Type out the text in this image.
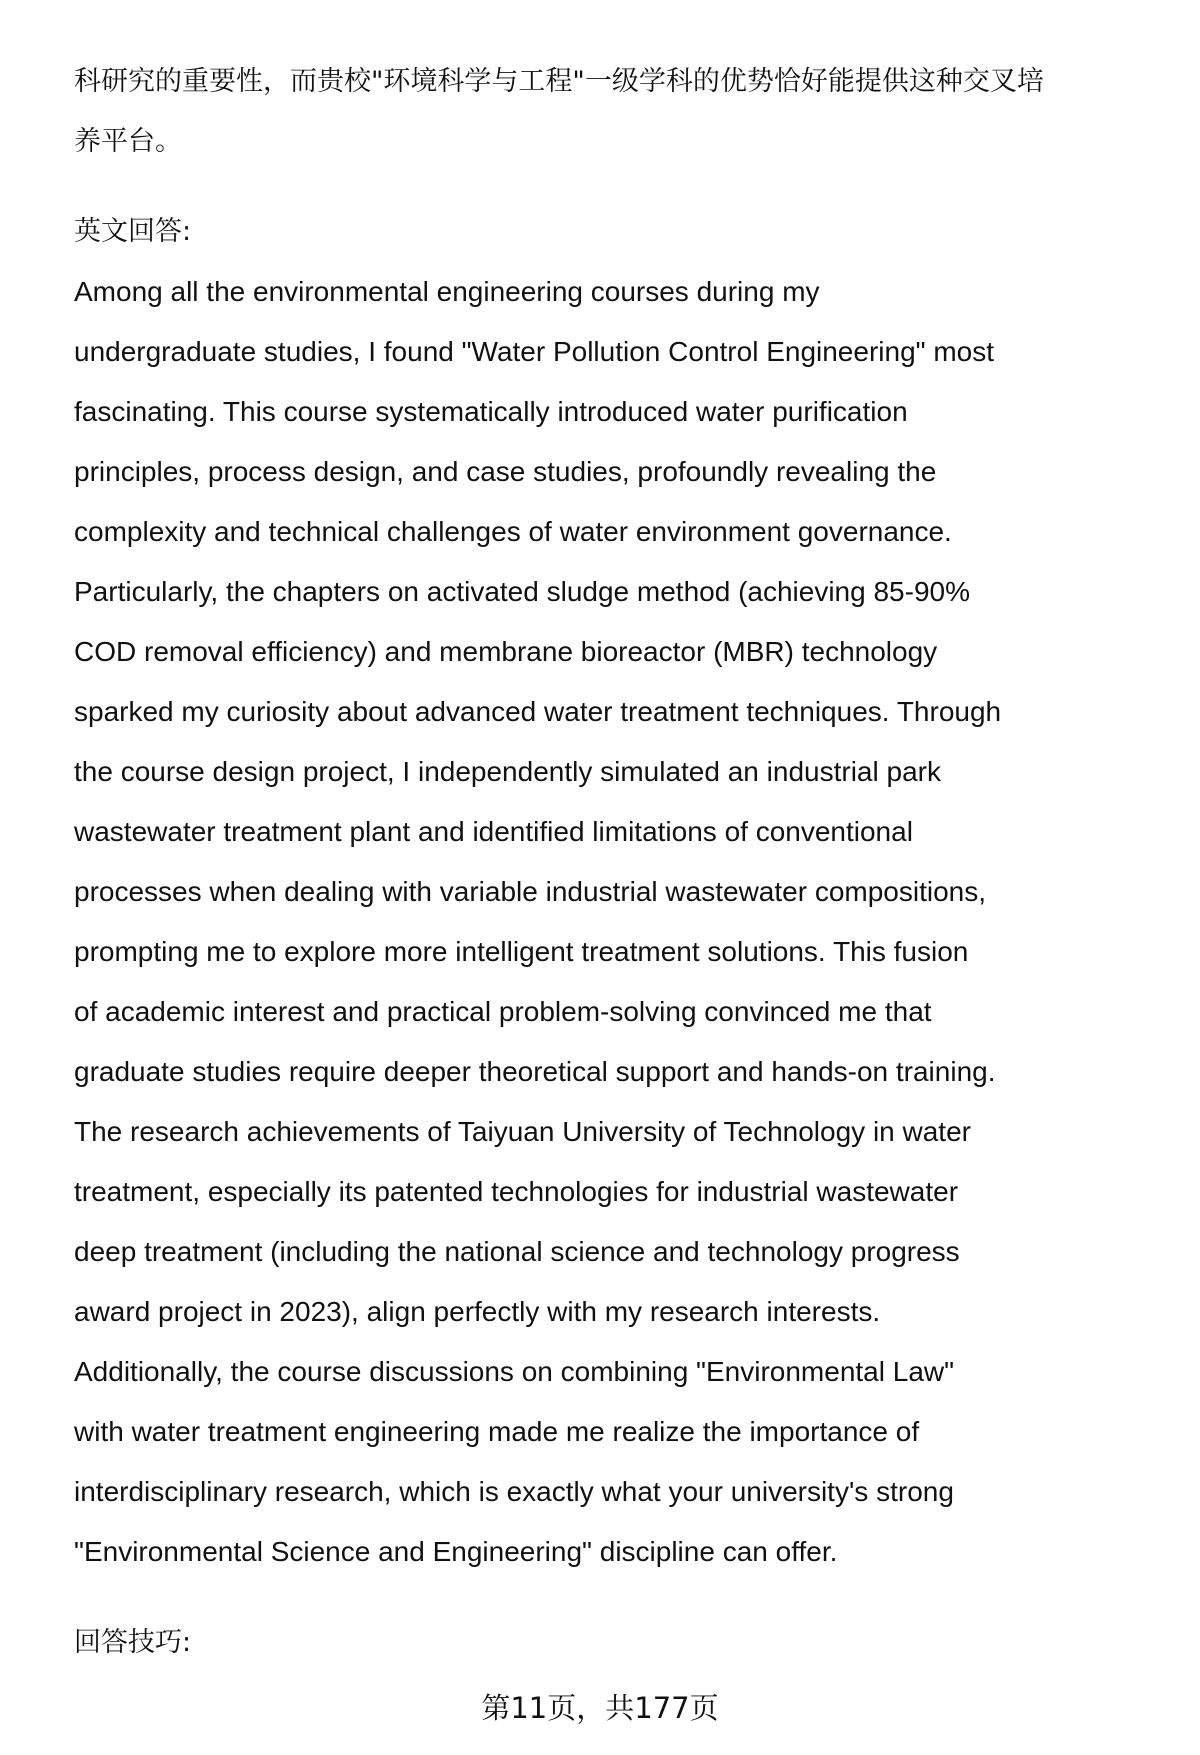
科研究的重要性，而贵校"环境科学与工程"一级学科的优势恰好能提供这种交叉培
养平台。
英文回答:
Among all the environmental engineering courses during my
undergraduate studies, I found "Water Pollution Control Engineering" most
fascinating. This course systematically introduced water purification
principles, process design, and case studies, profoundly revealing the
complexity and technical challenges of water environment governance.
Particularly, the chapters on activated sludge method (achieving 85-90%
COD removal efficiency) and membrane bioreactor (MBR) technology
sparked my curiosity about advanced water treatment techniques. Through
the course design project, I independently simulated an industrial park
wastewater treatment plant and identified limitations of conventional
processes when dealing with variable industrial wastewater compositions,
prompting me to explore more intelligent treatment solutions. This fusion
of academic interest and practical problem-solving convinced me that
graduate studies require deeper theoretical support and hands-on training.
The research achievements of Taiyuan University of Technology in water
treatment, especially its patented technologies for industrial wastewater
deep treatment (including the national science and technology progress
award project in 2023), align perfectly with my research interests.
Additionally, the course discussions on combining "Environmental Law"
with water treatment engineering made me realize the importance of
interdisciplinary research, which is exactly what your university's strong
"Environmental Science and Engineering" discipline can offer.
回答技巧:
第11页，共177页
